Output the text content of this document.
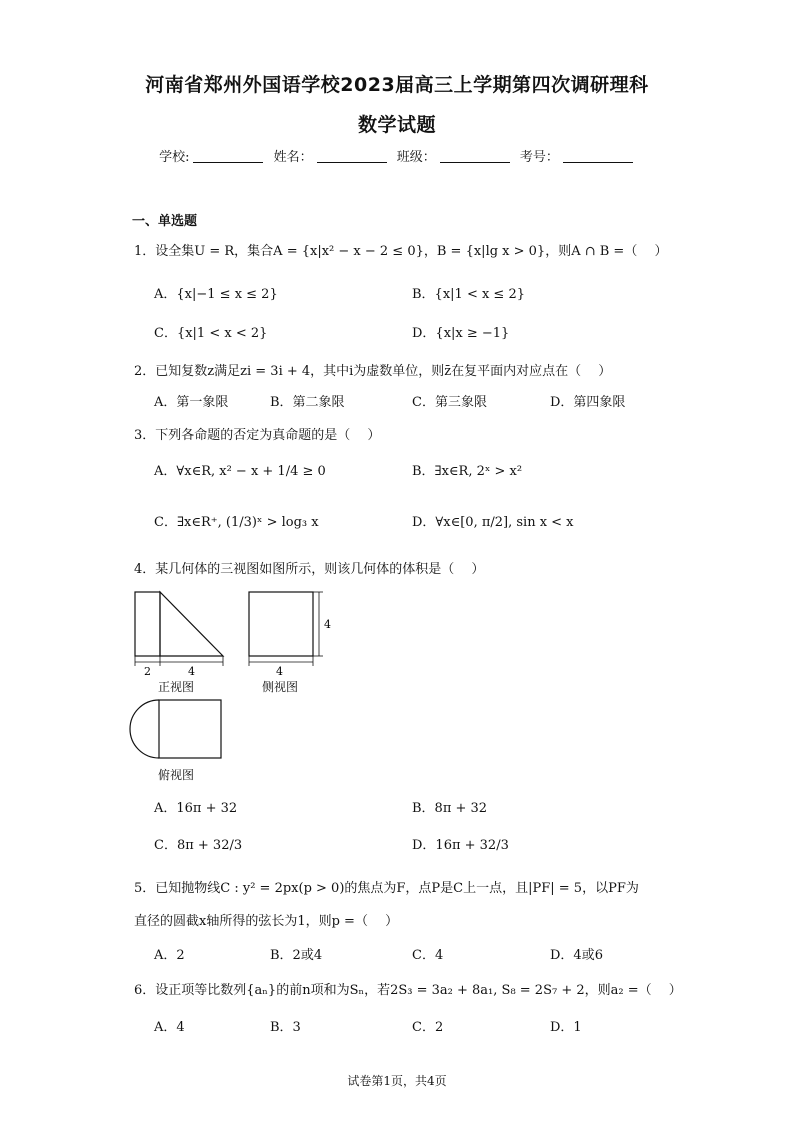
河南省郑州外国语学校2023届高三上学期第四次调研理科
数学试题
学校:	姓名：	班级：	考号：
一、单选题
1．设全集U = R，集合A = {x|x² − x − 2 ≤ 0}，B = {x|lg x > 0}，则A ∩ B =（　 ）
A．{x|−1 ≤ x ≤ 2}	B．{x|1 < x ≤ 2}
C．{x|1 < x < 2}	D．{x|x ≥ −1}
2．已知复数z满足zi = 3i + 4，其中i为虚数单位，则z̄在复平面内对应点在（　 ）
A．第一象限	B．第二象限	C．第三象限	D．第四象限
3．下列各命题的否定为真命题的是（　 ）
A．∀x∈R, x² − x + 1/4 ≥ 0	B．∃x∈R, 2ˣ > x²
C．∃x∈R⁺, (1/3)ˣ > log₃ x	D．∀x∈[0, π/2], sin x < x
4．某几何体的三视图如图所示，则该几何体的体积是（　 ）
2	4	4
4
正视图	侧视图
俯视图
A．16π + 32	B．8π + 32
C．8π + 32/3	D．16π + 32/3
5．已知抛物线C : y² = 2px(p > 0)的焦点为F，点P是C上一点，且|PF| = 5，以PF为
直径的圆截x轴所得的弦长为1，则p =（　 ）
A．2	B．2或4	C．4	D．4或6
6．设正项等比数列{aₙ}的前n项和为Sₙ，若2S₃ = 3a₂ + 8a₁, S₈ = 2S₇ + 2，则a₂ =（　 ）
A．4	B．3	C．2	D．1
试卷第1页，共4页
